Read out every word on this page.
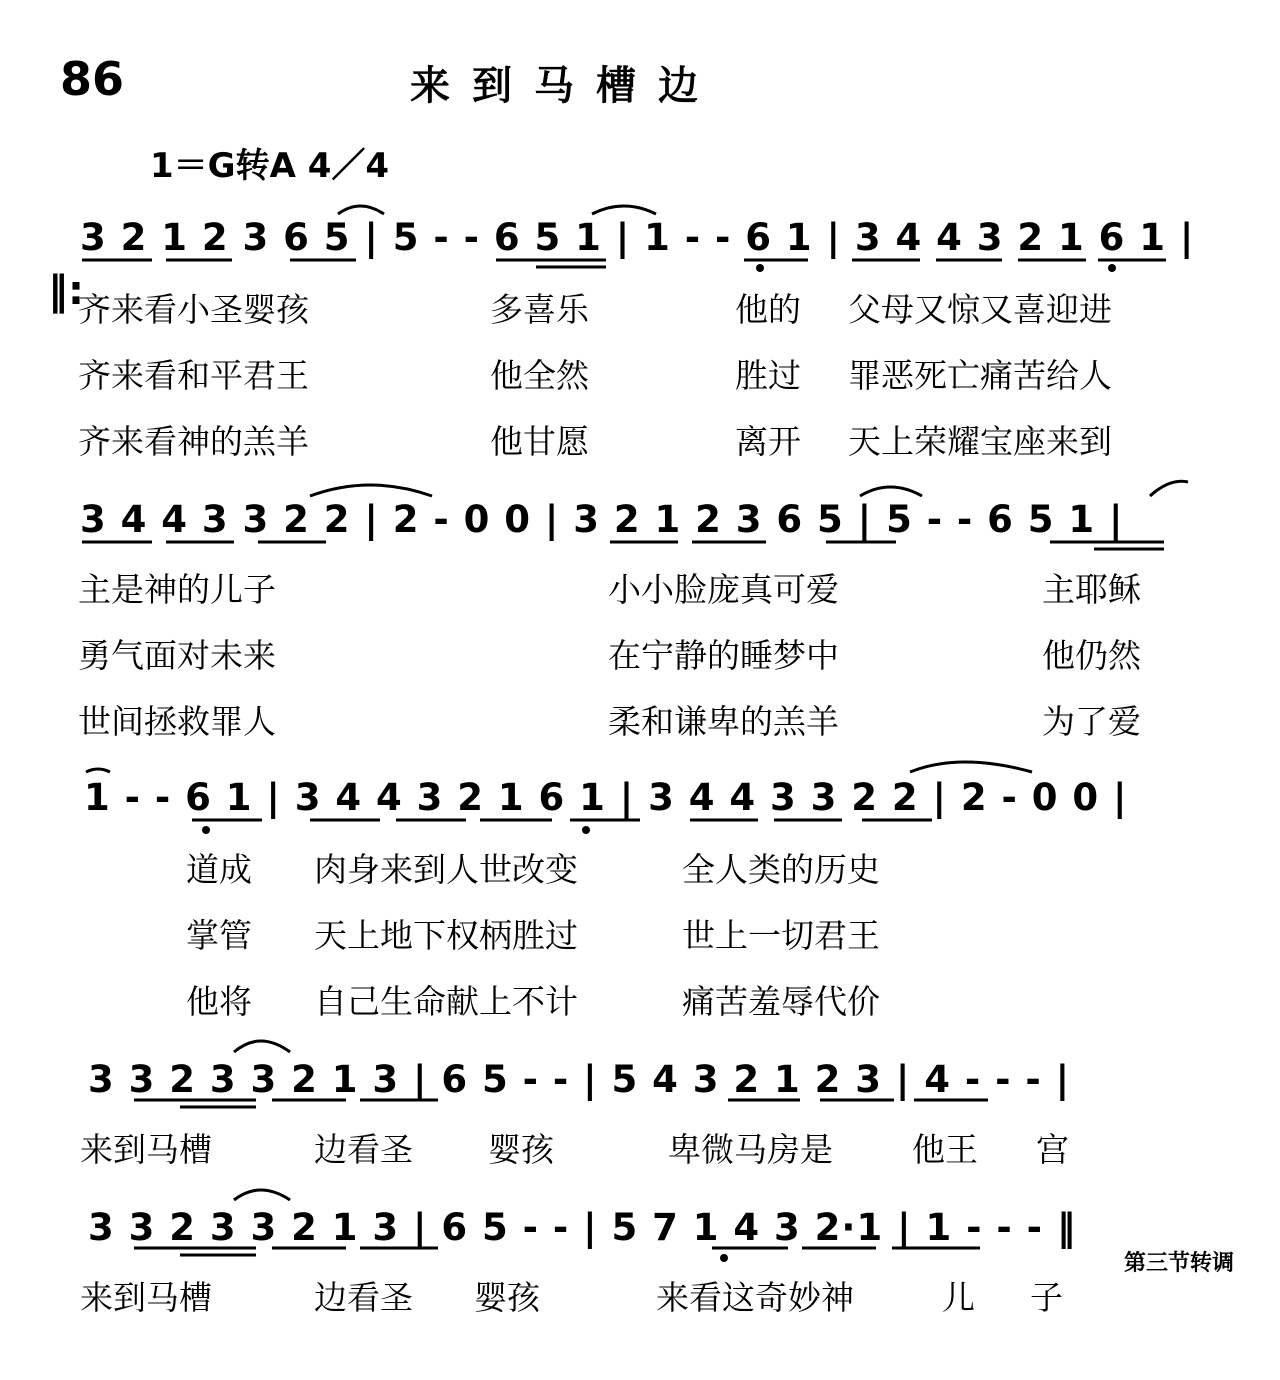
86	来到马槽边
1＝G转A 4／4
3 2 1 2 3 6 5 | 5 - - 6 5 1 | 1 - - 6 1 | 3 4 4 3 2 1 6 1 |
‖:
齐来看小圣婴孩	多喜乐	他的 父母又惊又喜迎进
齐来看和平君王	他全然	胜过 罪恶死亡痛苦给人
齐来看神的羔羊	他甘愿	离开 天上荣耀宝座来到
3 4 4 3 3 2 2 | 2 - 0 0 | 3 2 1 2 3 6 5 | 5 - - 6 5 1 |
主是神的儿子	小小脸庞真可爱	主耶稣
勇气面对未来	在宁静的睡梦中	他仍然
世间拯救罪人	柔和谦卑的羔羊	为了爱
1 - - 6 1 | 3 4 4 3 2 1 6 1 | 3 4 4 3 3 2 2 | 2 - 0 0 |
道成 肉身来到人世改变	全人类的历史
掌管 天上地下权柄胜过	世上一切君王
他将 自己生命献上不计	痛苦羞辱代价
3 3 2 3 3 2 1 3 | 6 5 - - | 5 4 3 2 1 2 3 | 4 - - - |
来到马槽	边看圣 婴孩	卑微马房是 他王 宫
3 3 2 3 3 2 1 3 | 6 5 - - | 5 7 1 4 3 2·1 | 1 - - - ‖
来到马槽	边看圣 婴孩	来看这奇妙神	儿 子
第三节转调
